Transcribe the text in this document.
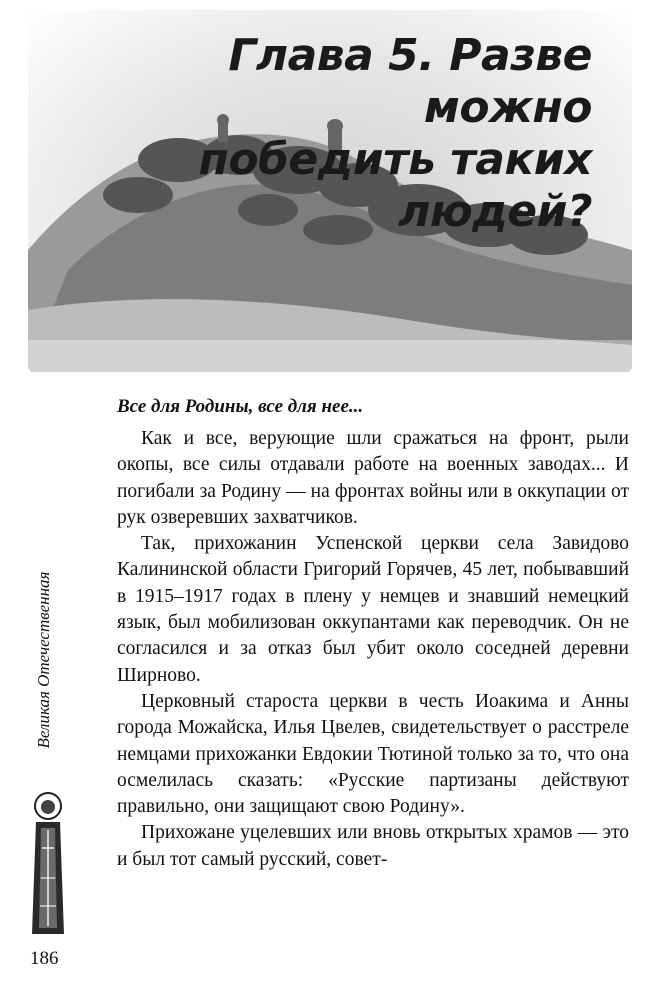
Глава 5. Разве можно
победить таких людей?
Все для Родины, все для нее...

Как и все, верующие шли сражаться на фронт, рыли окопы, все силы отдавали работе на военных заводах... И погибали за Родину — на фронтах войны или в оккупации от рук озверевших захватчиков.

Так, прихожанин Успенской церкви села Завидово Калининской области Григорий Горячев, 45 лет, побывавший в 1915–1917 годах в плену у немцев и знавший немецкий язык, был мобилизован оккупантами как переводчик. Он не согласился и за отказ был убит около соседней деревни Ширново.

Церковный староста церкви в честь Иоакима и Анны города Можайска, Илья Цвелев, свидетельствует о расстреле немцами прихожанки Евдокии Тютиной только за то, что она осмелилась сказать: «Русские партизаны действуют правильно, они защищают свою Родину».

Прихожане уцелевших или вновь открытых храмов — это и был тот самый русский, совет-

Великая Отечественная
186
